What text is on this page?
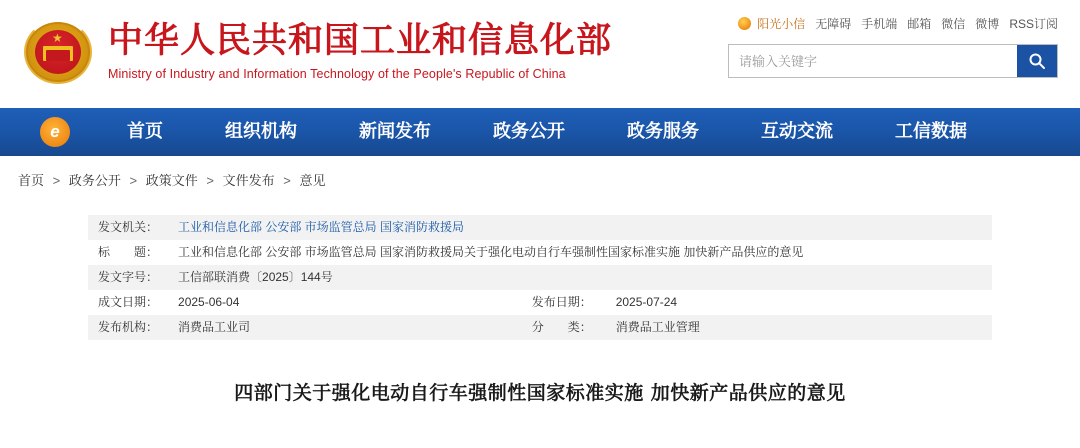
★ 中华人民共和国工业和信息化部
Ministry of Industry and Information Technology of the People's Republic of China
阳光小信 无障碍 手机端 邮箱 微信 微博 RSS订阅
请输入关键字
e
首页	组织机构	新闻发布	政务公开	政务服务	互动交流	工信数据
首页 > 政务公开 > 政策文件 > 文件发布 > 意见
发文机关：	工业和信息化部 公安部 市场监管总局 国家消防救援局		
标　　题：	工业和信息化部 公安部 市场监管总局 国家消防救援局关于强化电动自行车强制性国家标准实施 加快新产品供应的意见		
发文字号：	工信部联消费〔2025〕144号		
成文日期：	2025-06-04	发布日期：	2025-07-24
发布机构：	消费品工业司	分　　类：	消费品工业管理
四部门关于强化电动自行车强制性国家标准实施 加快新产品供应的意见
